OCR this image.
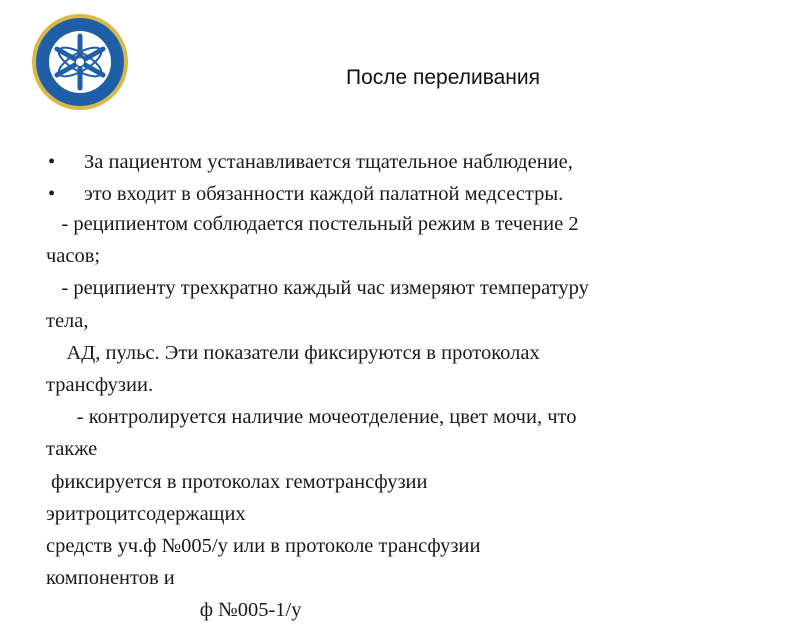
После переливания
• За пациентом устанавливается тщательное наблюдение,
• это входит в обязанности каждой палатной медсестры.
- реципиентом соблюдается постельный режим в течение 2
часов;
- реципиенту трехкратно каждый час измеряют температуру
тела,
АД, пульс. Эти показатели фиксируются в протоколах
трансфузии.
- контролируется наличие мочеотделение, цвет мочи, что
также
фиксируется в протоколах гемотрансфузии
эритроцитсодержащих
средств уч.ф №005/у или в протоколе трансфузии
компонентов и
ф №005-1/у
